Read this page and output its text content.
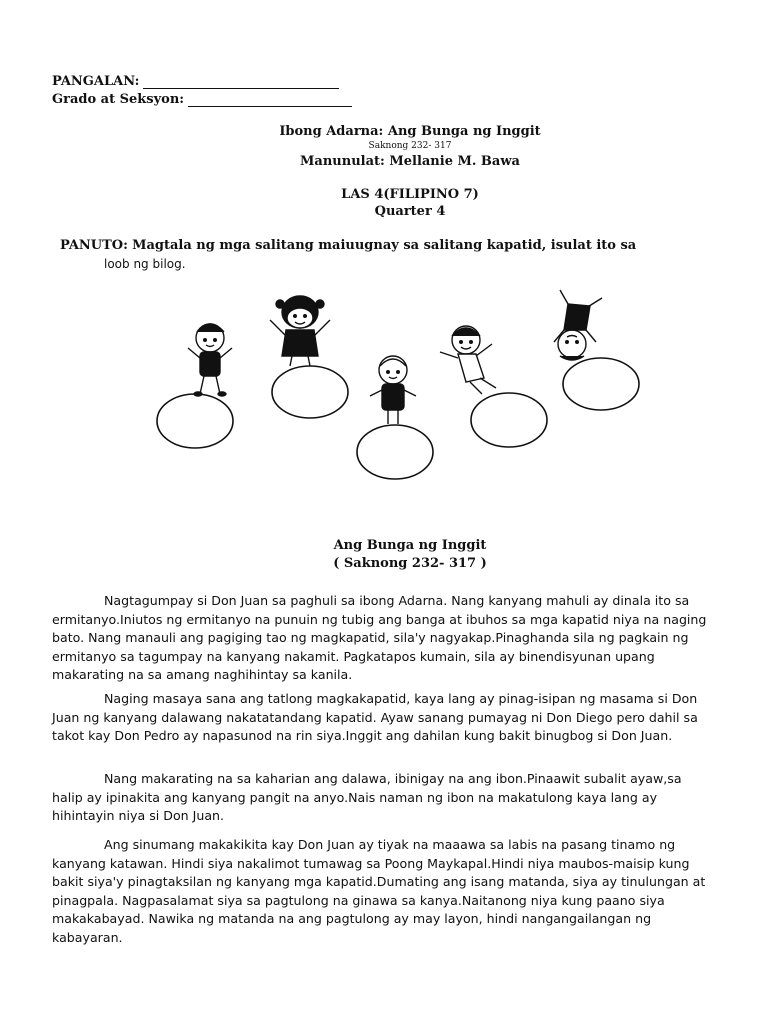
PANGALAN:
Grado at Seksyon:
Ibong Adarna: Ang Bunga ng Inggit
Saknong 232- 317
Manunulat: Mellanie M. Bawa
LAS 4(FILIPINO 7)
Quarter 4
PANUTO: Magtala ng mga salitang maiuugnay sa salitang kapatid, isulat ito sa
loob ng bilog.
Ang Bunga ng Inggit
( Saknong 232- 317 )

Nagtagumpay si Don Juan sa paghuli sa ibong Adarna. Nang kanyang mahuli ay dinala ito sa ermitanyo.Iniutos ng ermitanyo na punuin ng tubig ang banga at ibuhos sa mga kapatid niya na naging bato. Nang manauli ang pagiging tao ng magkapatid, sila'y nagyakap.Pinaghanda sila ng pagkain ng ermitanyo sa tagumpay na kanyang nakamit. Pagkatapos kumain, sila ay binendisyunan upang makarating na sa amang naghihintay sa kanila.

Naging masaya sana ang tatlong magkakapatid, kaya lang ay pinag-isipan ng masama si Don Juan ng kanyang dalawang nakatatandang kapatid. Ayaw sanang pumayag ni Don Diego pero dahil sa takot kay Don Pedro ay napasunod na rin siya.Inggit ang dahilan kung bakit binugbog si Don Juan.

Nang makarating na sa kaharian ang dalawa, ibinigay na ang ibon.Pinaawit subalit ayaw,sa halip ay ipinakita ang kanyang pangit na anyo.Nais naman ng ibon na makatulong kaya lang ay hihintayin niya si Don Juan.

Ang sinumang makakikita kay Don Juan ay tiyak na maaawa sa labis na pasang tinamo ng kanyang katawan. Hindi siya nakalimot tumawag sa Poong Maykapal.Hindi niya maubos-maisip kung bakit siya'y pinagtaksilan ng kanyang mga kapatid.Dumating ang isang matanda, siya ay tinulungan at pinagpala. Nagpasalamat siya sa pagtulong na ginawa sa kanya.Naitanong niya kung paano siya makakabayad. Nawika ng matanda na ang pagtulong ay may layon, hindi nangangailangan ng kabayaran.
